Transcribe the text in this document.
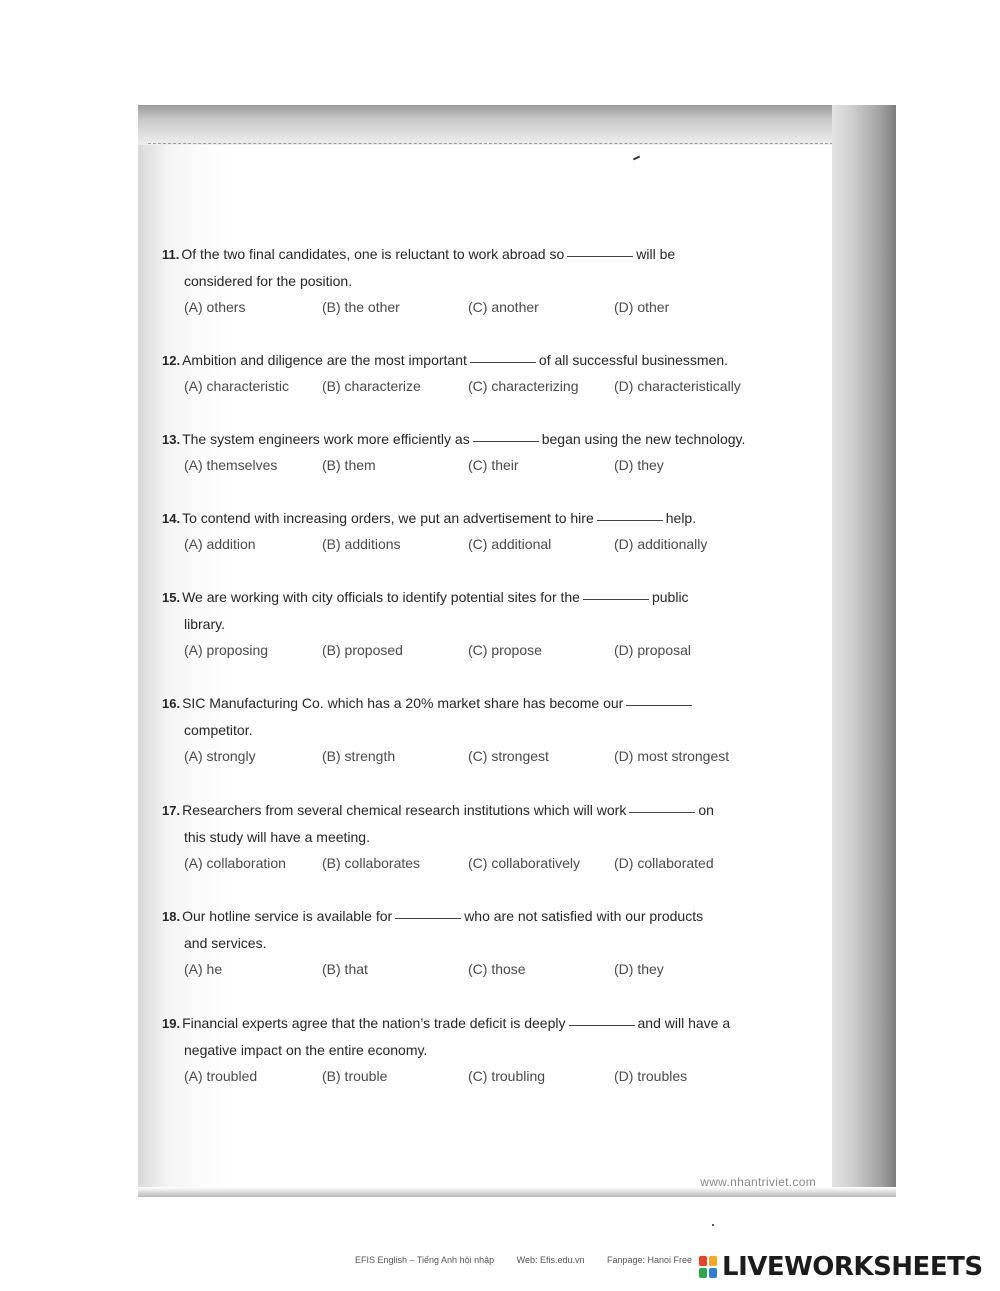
11. Of the two final candidates, one is reluctant to work abroad so	will be
considered for the position.
(A) others	(B) the other	(C) another	(D) other
12. Ambition and diligence are the most important	of all successful businessmen.
(A) characteristic (B) characterize	(C) characterizing	(D) characteristically
13. The system engineers work more efficiently as	began using the new technology.
(A) themselves	(B) them	(C) their	(D) they
14. To contend with increasing orders, we put an advertisement to hire	help.
(A) addition	(B) additions	(C) additional	(D) additionally
15. We are working with city officials to identify potential sites for the	public
library.
(A) proposing	(B) proposed	(C) propose	(D) proposal
16. SIC Manufacturing Co. which has a 20% market share has become our
competitor.
(A) strongly	(B) strength	(C) strongest	(D) most strongest
17. Researchers from several chemical research institutions which will work	on
this study will have a meeting.
(A) collaboration	(B) collaborates	(C) collaboratively (D) collaborated
18. Our hotline service is available for	who are not satisfied with our products
and services.
(A) he	(B) that	(C) those	(D) they
19. Financial experts agree that the nation’s trade deficit is deeply	and will have a
negative impact on the entire economy.
(A) troubled	(B) trouble	(C) troubling	(D) troubles
www.nhantriviet.com
EFIS English – Tiếng Anh hội nhập	Web: Efis.edu.vn	Fanpage: Hanoi Free	LIVEWORKSHEETS
